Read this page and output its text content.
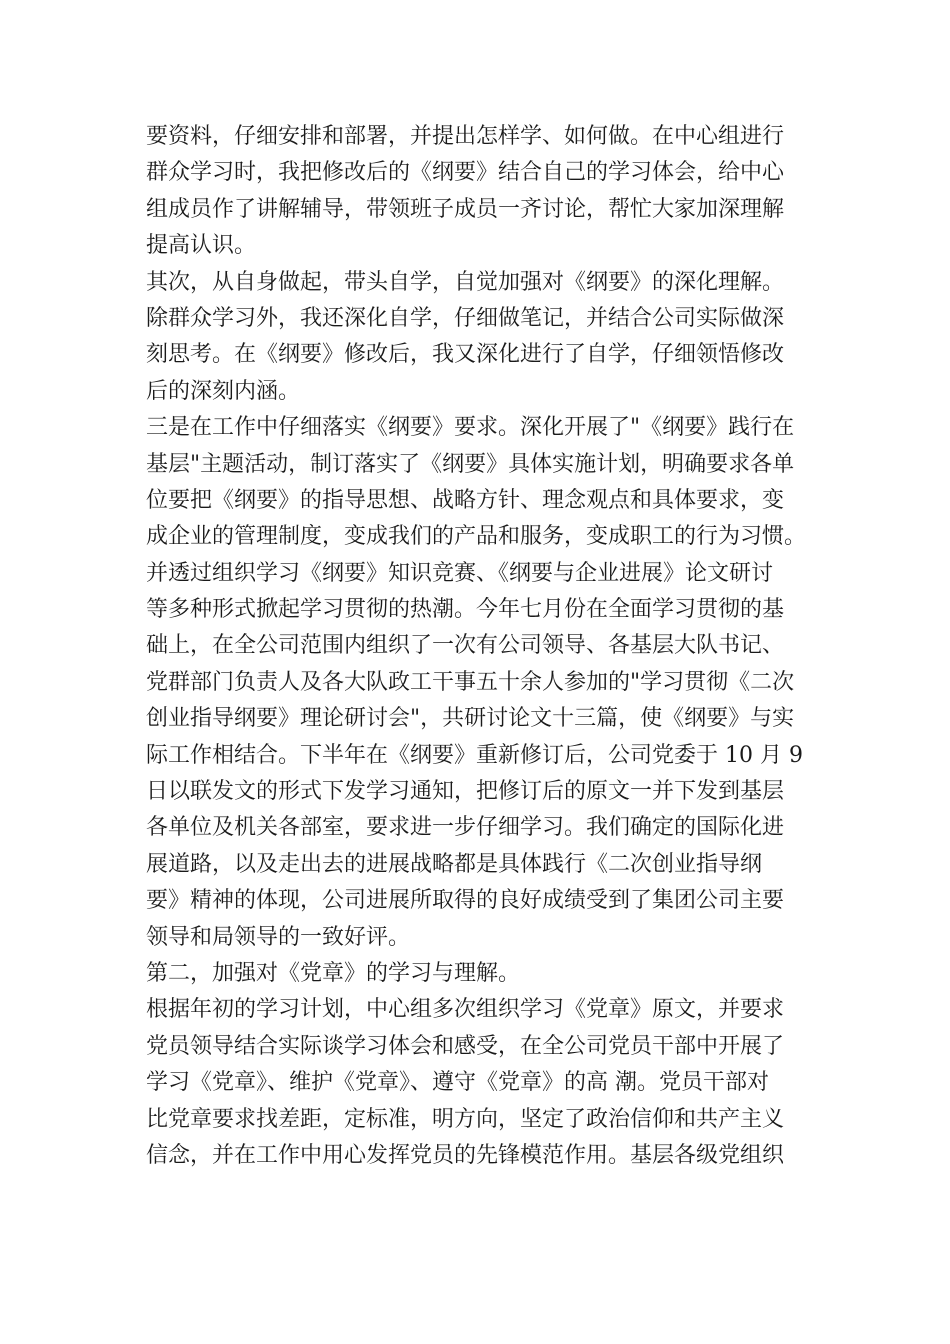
要资料，仔细安排和部署，并提出怎样学、如何做。在中心组进行
群众学习时，我把修改后的《纲要》结合自己的学习体会，给中心
组成员作了讲解辅导，带领班子成员一齐讨论，帮忙大家加深理解
提高认识。
其次，从自身做起，带头自学，自觉加强对《纲要》的深化理解。
除群众学习外，我还深化自学，仔细做笔记，并结合公司实际做深
刻思考。在《纲要》修改后，我又深化进行了自学，仔细领悟修改
后的深刻内涵。
三是在工作中仔细落实《纲要》要求。深化开展了"《纲要》践行在
基层"主题活动，制订落实了《纲要》具体实施计划，明确要求各单
位要把《纲要》的指导思想、战略方针、理念观点和具体要求，变
成企业的管理制度，变成我们的产品和服务，变成职工的行为习惯。
并透过组织学习《纲要》知识竞赛、《纲要与企业进展》论文研讨
等多种形式掀起学习贯彻的热潮。今年七月份在全面学习贯彻的基
础上，在全公司范围内组织了一次有公司领导、各基层大队书记、
党群部门负责人及各大队政工干事五十余人参加的"学习贯彻《二次
创业指导纲要》理论研讨会"，共研讨论文十三篇，使《纲要》与实
际工作相结合。下半年在《纲要》重新修订后，公司党委于 10 月 9
日以联发文的形式下发学习通知，把修订后的原文一并下发到基层
各单位及机关各部室，要求进一步仔细学习。我们确定的国际化进
展道路，以及走出去的进展战略都是具体践行《二次创业指导纲
要》精神的体现，公司进展所取得的良好成绩受到了集团公司主要
领导和局领导的一致好评。
第二，加强对《党章》的学习与理解。
根据年初的学习计划，中心组多次组织学习《党章》原文，并要求
党员领导结合实际谈学习体会和感受，在全公司党员干部中开展了
学习《党章》、维护《党章》、遵守《党章》的高 潮。党员干部对
比党章要求找差距，定标准，明方向，坚定了政治信仰和共产主义
信念，并在工作中用心发挥党员的先锋模范作用。基层各级党组织
